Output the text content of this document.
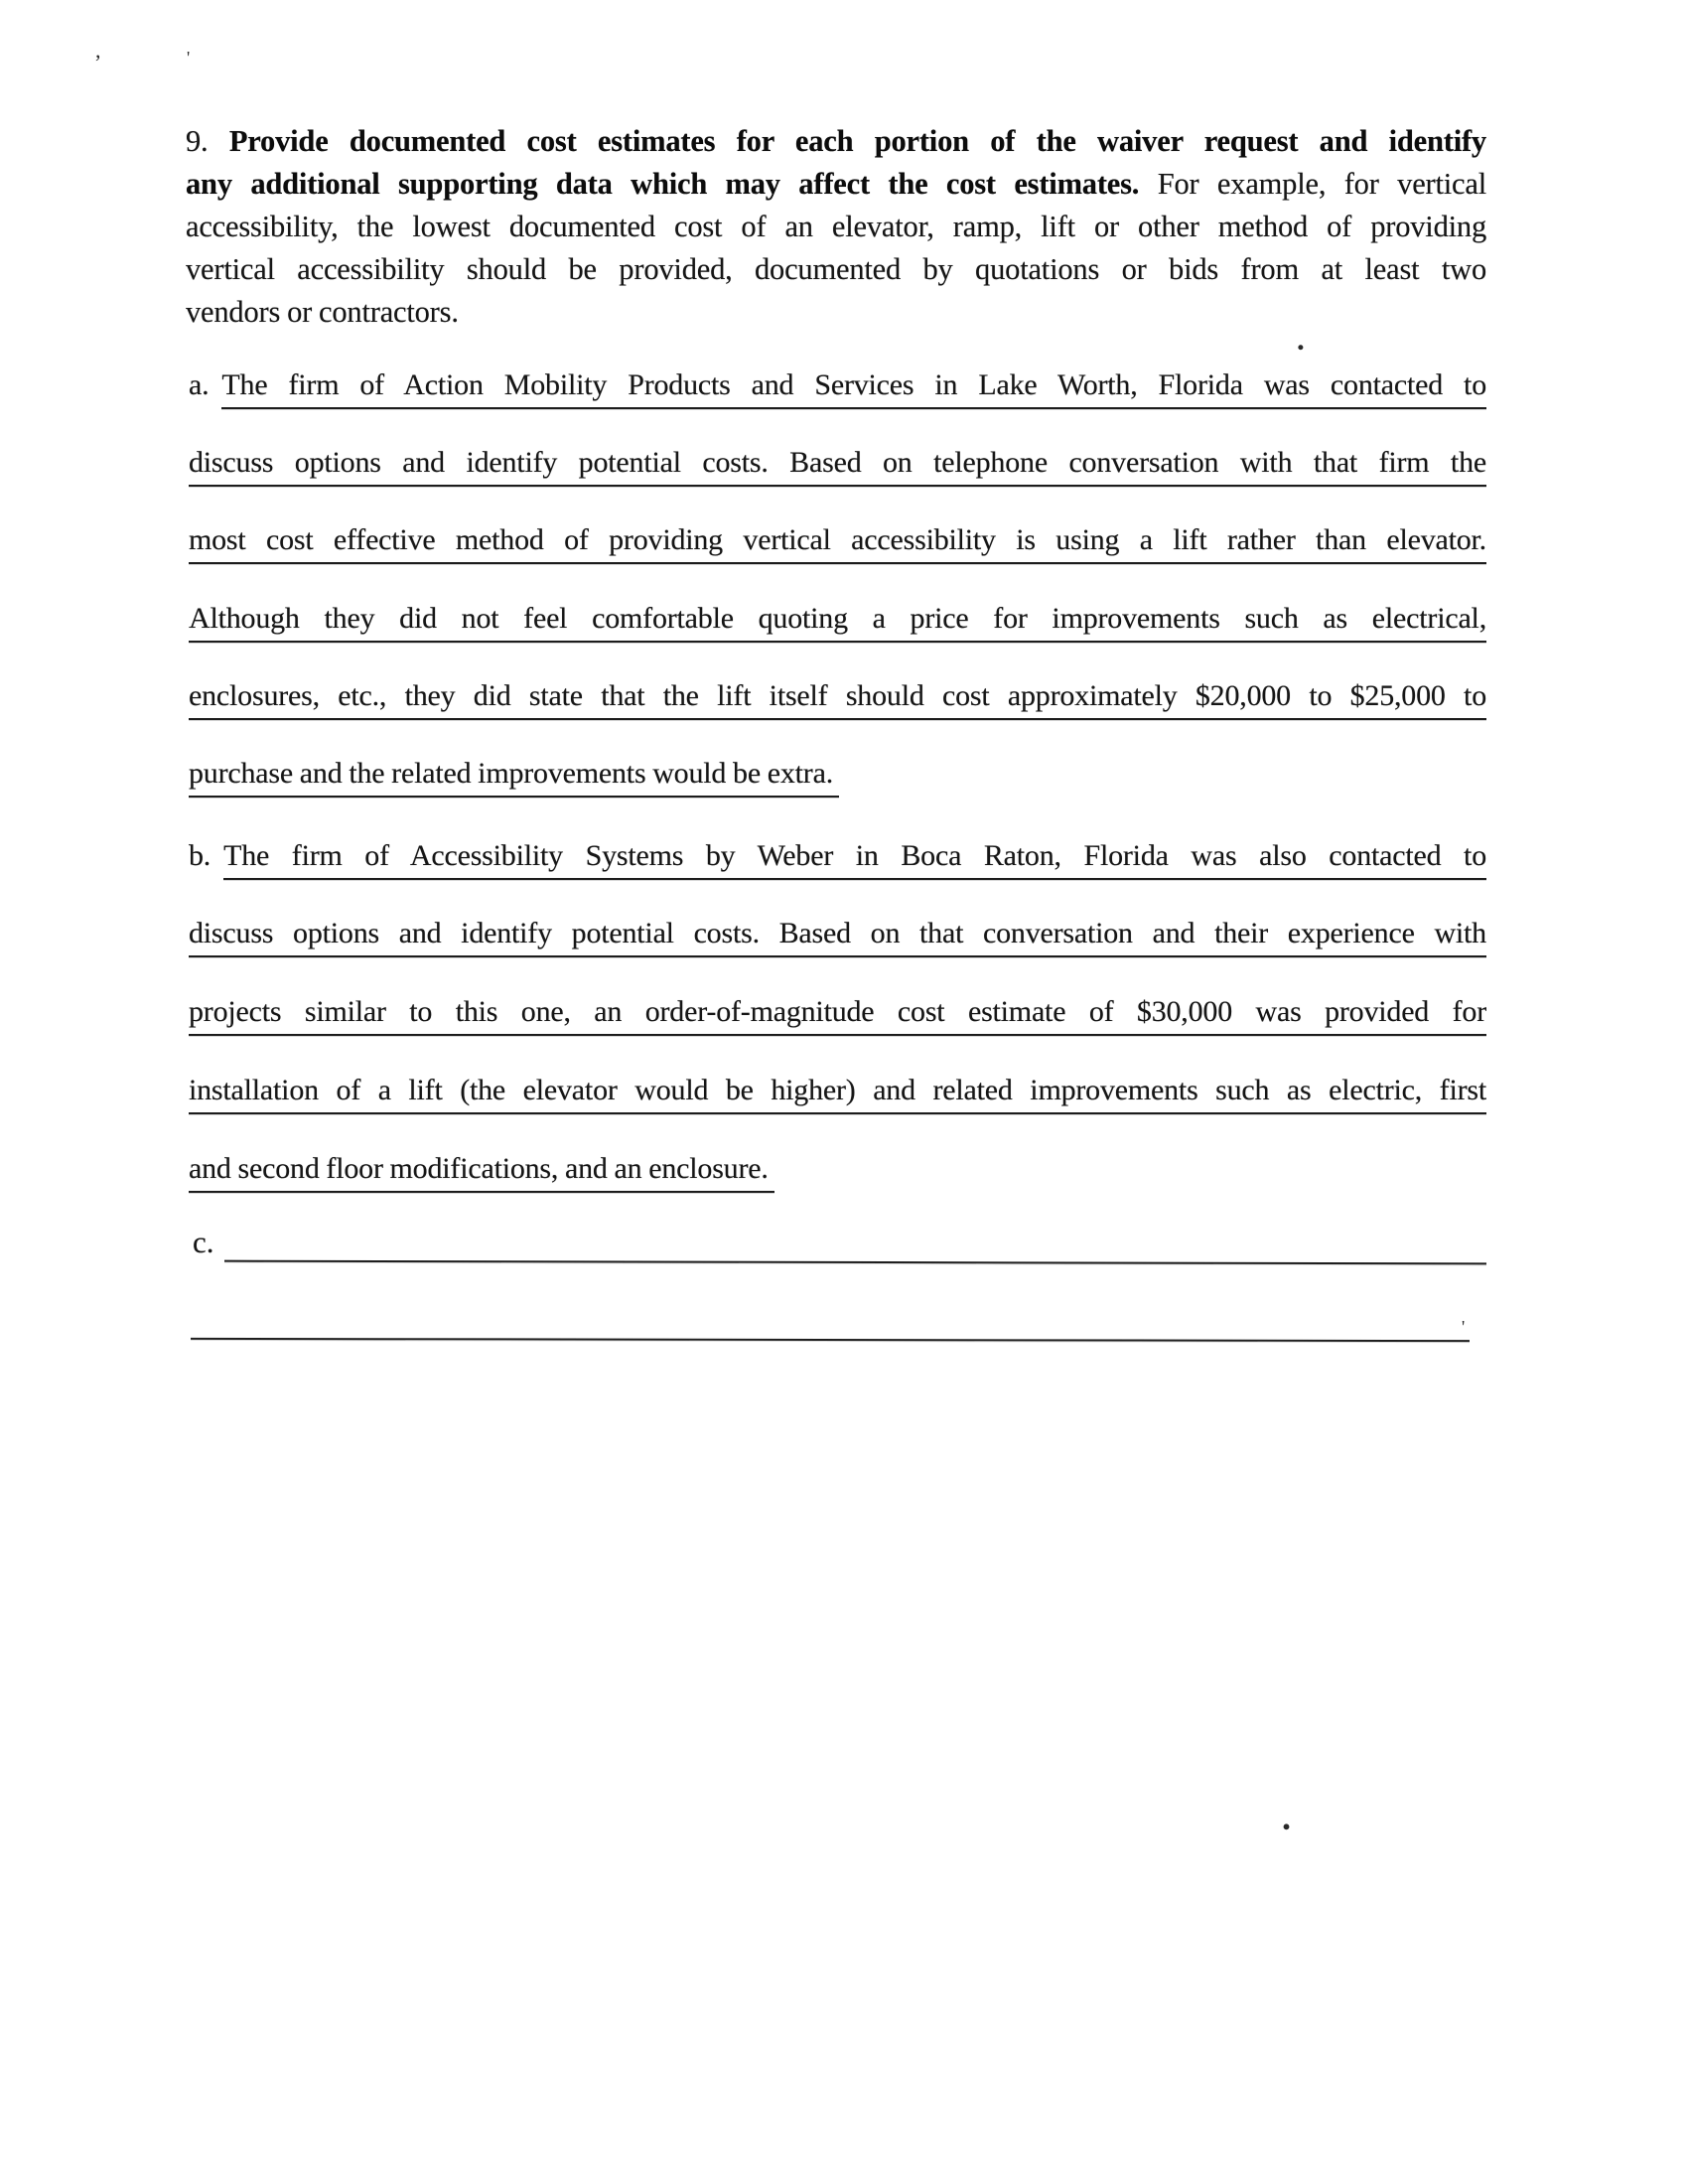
,	'
9. Provide documented cost estimates for each portion of the waiver request and identify
any additional supporting data which may affect the cost estimates. For example, for vertical
accessibility, the lowest documented cost of an elevator, ramp, lift or other method of providing
vertical accessibility should be provided, documented by quotations or bids from at least two
vendors or contractors.
.
a. The firm of Action Mobility Products and Services in Lake Worth, Florida was contacted to
discuss options and identify potential costs. Based on telephone conversation with that firm the
most cost effective method of providing vertical accessibility is using a lift rather than elevator.
Although they did not feel comfortable quoting a price for improvements such as electrical,
enclosures, etc., they did state that the lift itself should cost approximately $20,000 to $25,000 to
purchase and the related improvements would be extra.
b. The firm of Accessibility Systems by Weber in Boca Raton, Florida was also contacted to
discuss options and identify potential costs. Based on that conversation and their experience with
projects similar to this one, an order-of-magnitude cost estimate of $30,000 was provided for
installation of a lift (the elevator would be higher) and related improvements such as electric, first
and second floor modifications, and an enclosure.
c.
'
.
